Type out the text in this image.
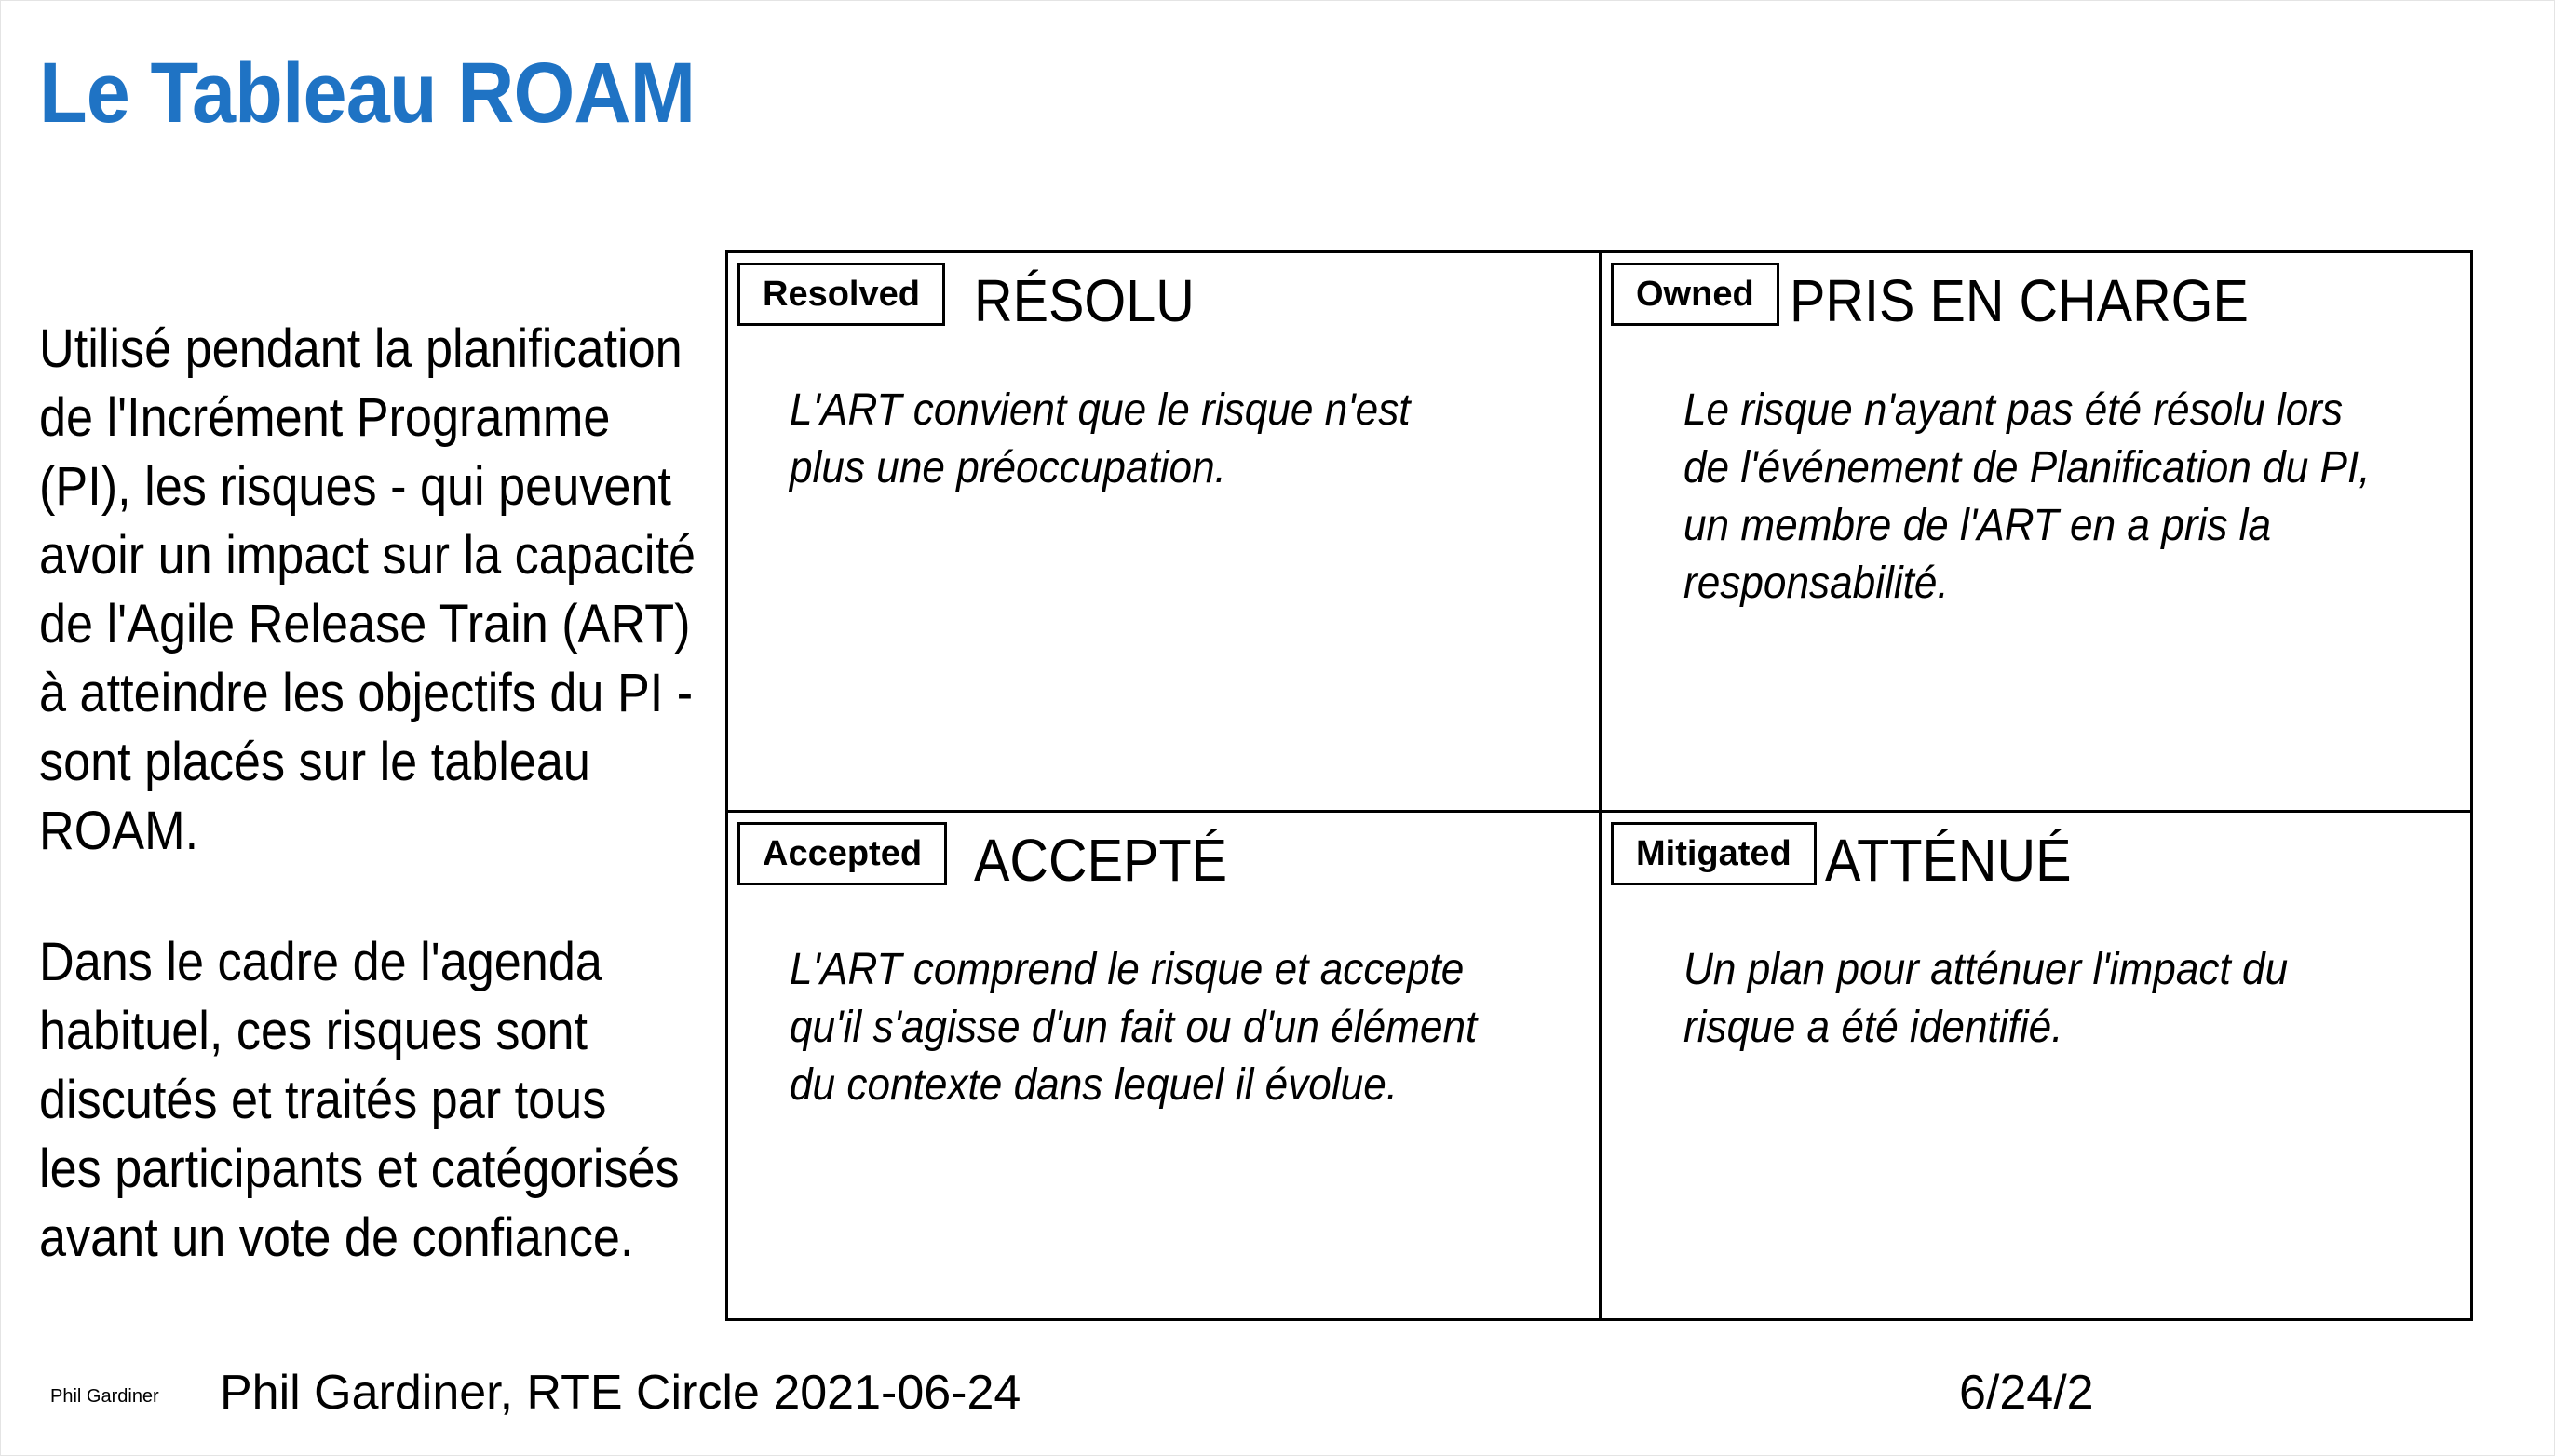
Le Tableau ROAM
Utilisé pendant la planification
de l'Incrément Programme
(PI), les risques - qui peuvent
avoir un impact sur la capacité
de l'Agile Release Train (ART)
à atteindre les objectifs du PI -
sont placés sur le tableau
ROAM.
Dans le cadre de l'agenda
habituel, ces risques sont
discutés et traités par tous
les participants et catégorisés
avant un vote de confiance.
Resolved RÉSOLU
L'ART convient que le risque n'est
plus une préoccupation.
Owned PRIS EN CHARGE
Le risque n'ayant pas été résolu lors
de l'événement de Planification du PI,
un membre de l'ART en a pris la
responsabilité.
Accepted ACCEPTÉ
L'ART comprend le risque et accepte
qu'il s'agisse d'un fait ou d'un élément
du contexte dans lequel il évolue.
Mitigated ATTÉNUÉ
Un plan pour atténuer l'impact du
risque a été identifié.
Phil Gardiner Phil Gardiner, RTE Circle 2021-06-24	6/24/2
